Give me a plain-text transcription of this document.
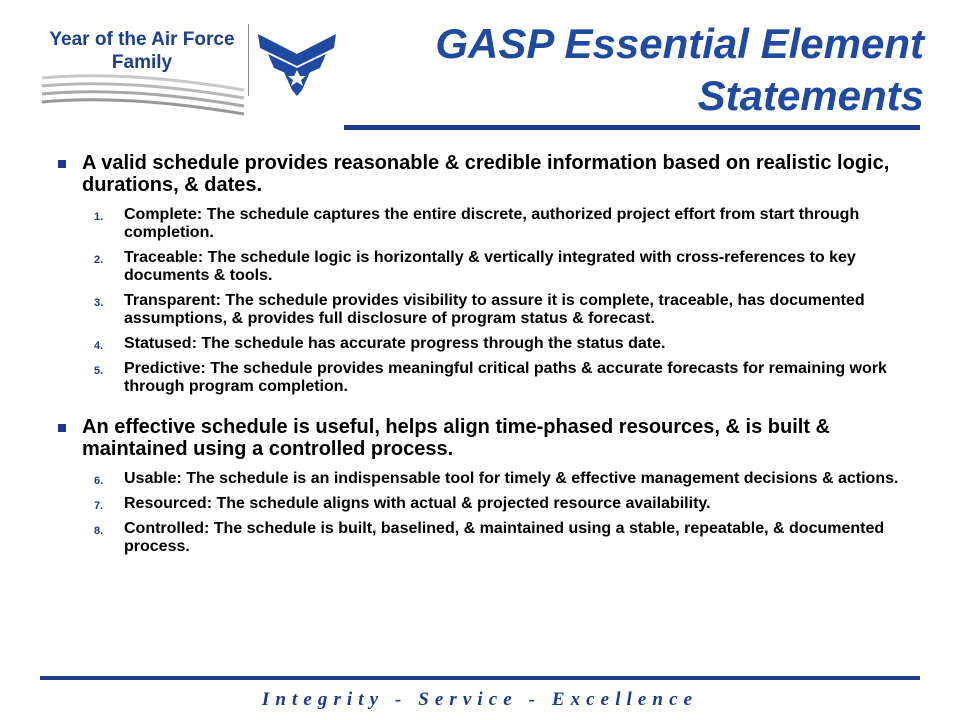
Year of the Air Force
Family	GASP Essential Element
Statements
A valid schedule provides reasonable & credible information based on realistic logic, durations, & dates.
1. Complete: The schedule captures the entire discrete, authorized project effort from start through completion.
2. Traceable: The schedule logic is horizontally & vertically integrated with cross-references to key documents & tools.
3. Transparent: The schedule provides visibility to assure it is complete, traceable, has documented assumptions, & provides full disclosure of program status & forecast.
4. Statused: The schedule has accurate progress through the status date.
5. Predictive: The schedule provides meaningful critical paths & accurate forecasts for remaining work through program completion.
An effective schedule is useful, helps align time-phased resources, & is built & maintained using a controlled process.
6. Usable: The schedule is an indispensable tool for timely & effective management decisions & actions.
7. Resourced: The schedule aligns with actual & projected resource availability.
8. Controlled: The schedule is built, baselined, & maintained using a stable, repeatable, & documented process.
Integrity - Service - Excellence
